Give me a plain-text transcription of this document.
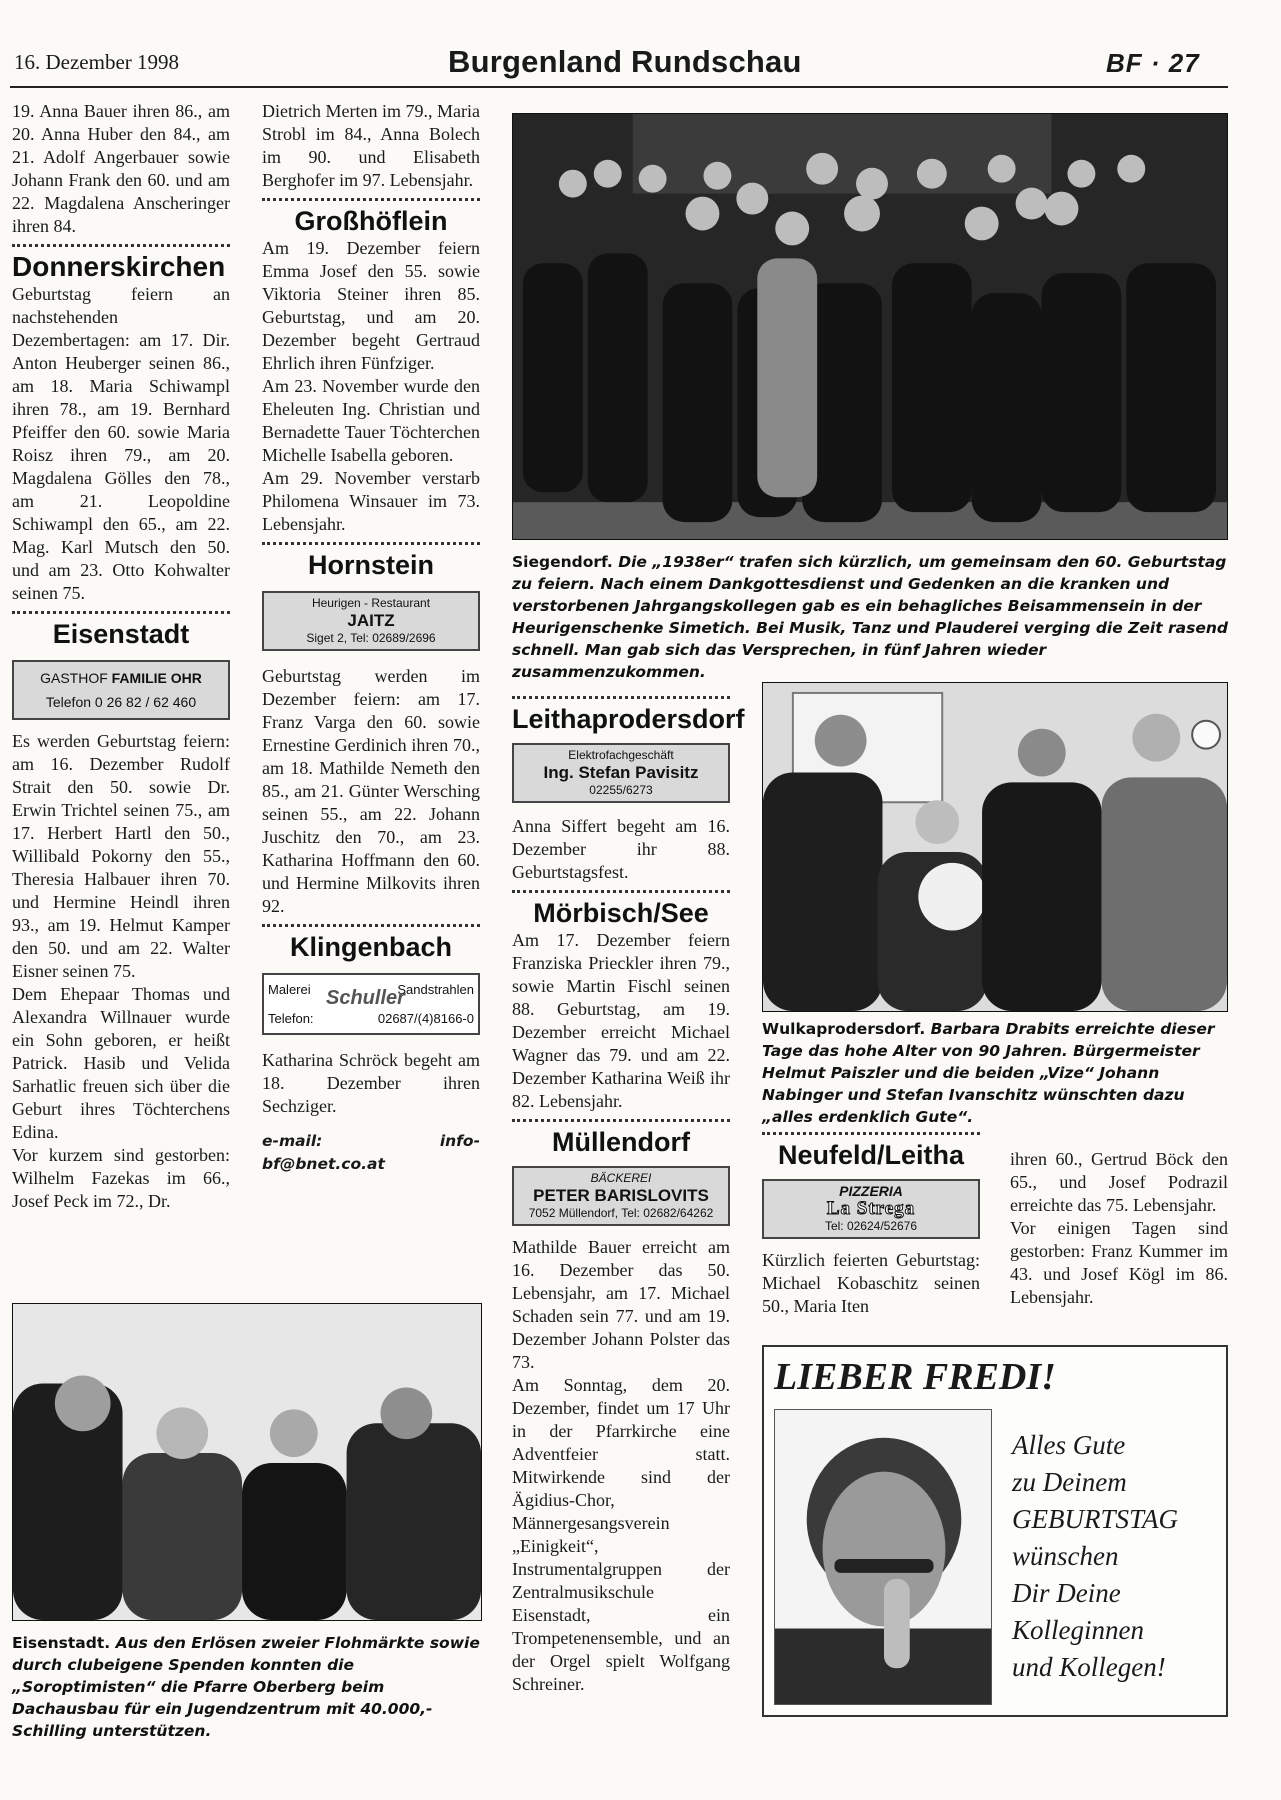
16. Dezember 1998	Burgenland Rundschau	BF · 27

19. Anna Bauer ihren 86., am 20. Anna Huber den 84., am 21. Adolf Angerbauer sowie Johann Frank den 60. und am 22. Magdalena Anscheringer ihren 84.

Donnerskirchen

Geburtstag feiern an nachstehenden Dezembertagen: am 17. Dir. Anton Heuberger seinen 86., am 18. Maria Schiwampl ihren 78., am 19. Bernhard Pfeiffer den 60. sowie Maria Roisz ihren 79., am 20. Magdalena Gölles den 78., am 21. Leopoldine Schiwampl den 65., am 22. Mag. Karl Mutsch den 50. und am 23. Otto Kohwalter seinen 75.

Eisenstadt
GASTHOF FAMILIE OHR
Telefon 0 26 82 / 62 460

Es werden Geburtstag feiern: am 16. Dezember Rudolf Strait den 50. sowie Dr. Erwin Trichtel seinen 75., am 17. Herbert Hartl den 50., Willibald Pokorny den 55., Theresia Halbauer ihren 70. und Hermine Heindl ihren 93., am 19. Helmut Kamper den 50. und am 22. Walter Eisner seinen 75.

Dem Ehepaar Thomas und Alexandra Willnauer wurde ein Sohn geboren, er heißt Patrick. Hasib und Velida Sarhatlic freuen sich über die Geburt ihres Töchterchens Edina.

Vor kurzem sind gestorben: Wilhelm Fazekas im 66., Josef Peck im 72., Dr.

Dietrich Merten im 79., Maria Strobl im 84., Anna Bolech im 90. und Elisabeth Berghofer im 97. Lebensjahr.

Großhöflein

Am 19. Dezember feiern Emma Josef den 55. sowie Viktoria Steiner ihren 85. Geburtstag, und am 20. Dezember begeht Gertraud Ehrlich ihren Fünfziger.

Am 23. November wurde den Eheleuten Ing. Christian und Bernadette Tauer Töchterchen Michelle Isabella geboren.

Am 29. November verstarb Philomena Winsauer im 73. Lebensjahr.

Hornstein
Heurigen - Restaurant
JAITZ
Siget 2, Tel: 02689/2696

Geburtstag werden im Dezember feiern: am 17. Franz Varga den 60. sowie Ernestine Gerdinich ihren 70., am 18. Mathilde Nemeth den 85., am 21. Günter Wersching seinen 55., am 22. Johann Juschitz den 70., am 23. Katharina Hoffmann den 60. und Hermine Milkovits ihren 92.

Klingenbach
Malerei	Sandstrahlen
Schuller
Telefon:	02687/(4)8166-0

Katharina Schröck begeht am 18. Dezember ihren Sechziger.

e-mail: info-bf@bnet.co.at
Siegendorf. Die „1938er“ trafen sich kürzlich, um gemeinsam den 60. Geburtstag zu feiern. Nach einem Dankgottesdienst und Gedenken an die kranken und verstorbenen Jahrgangskollegen gab es ein behagliches Beisammensein in der Heurigenschenke Simetich. Bei Musik, Tanz und Plauderei verging die Zeit rasend schnell. Man gab sich das Versprechen, in fünf Jahren wieder zusammenzukommen.
Leithaprodersdorf
Elektrofachgeschäft
Ing. Stefan Pavisitz
02255/6273

Anna Siffert begeht am 16. Dezember ihr 88. Geburtstagsfest.

Mörbisch/See

Am 17. Dezember feiern Franziska Prieckler ihren 79., sowie Martin Fischl seinen 88. Geburtstag, am 19. Dezember erreicht Michael Wagner das 79. und am 22. Dezember Katharina Weiß ihr 82. Lebensjahr.

Müllendorf
BÄCKEREI
PETER BARISLOVITS
7052 Müllendorf, Tel: 02682/64262

Mathilde Bauer erreicht am 16. Dezember das 50. Lebensjahr, am 17. Michael Schaden sein 77. und am 19. Dezember Johann Polster das 73.

Am Sonntag, dem 20. Dezember, findet um 17 Uhr in der Pfarrkirche eine Adventfeier statt. Mitwirkende sind der Ägidius-Chor, Männergesangsverein „Einigkeit“, Instrumentalgruppen der Zentralmusikschule Eisenstadt, ein Trompetenensemble, und an der Orgel spielt Wolfgang Schreiner.

Wulkaprodersdorf. Barbara Drabits erreichte dieser Tage das hohe Alter von 90 Jahren. Bürgermeister Helmut Paiszler und die beiden „Vize“ Johann Nabinger und Stefan Ivanschitz wünschten dazu „alles erdenklich Gute“.
Neufeld/Leitha
PIZZERIA
La Strega
Tel: 02624/52676

Kürzlich feierten Geburtstag: Michael Kobaschitz seinen 50., Maria Iten

ihren 60., Gertrud Böck den 65., und Josef Podrazil erreichte das 75. Lebensjahr.

Vor einigen Tagen sind gestorben: Franz Kummer im 43. und Josef Kögl im 86. Lebensjahr.

LIEBER FREDI!
Alles Gute
zu Deinem
GEBURTSTAG
wünschen
Dir Deine
Kolleginnen
und Kollegen!
Eisenstadt. Aus den Erlösen zweier Flohmärkte sowie durch clubeigene Spenden konnten die „Soroptimisten“ die Pfarre Oberberg beim Dachausbau für ein Jugendzentrum mit 40.000,- Schilling unterstützen.
